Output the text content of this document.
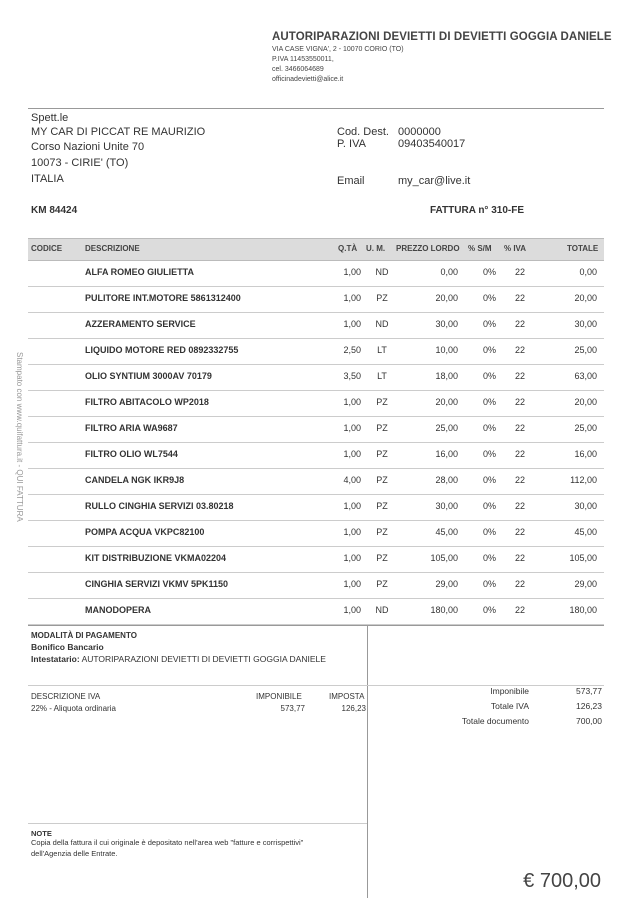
AUTORIPARAZIONI DEVIETTI DI DEVIETTI GOGGIA DANIELE
VIA CASE VIGNA', 2 - 10070 CORIO (TO)
P.IVA 11453550011,
cel. 3466064689
officinadevietti@alice.it
Spett.le
MY CAR DI PICCAT RE MAURIZIO
Corso Nazioni Unite 70
10073 - CIRIE' (TO)
ITALIA
Cod. Dest. 0000000
P. IVA	09403540017
Email	my_car@live.it
KM 84424	FATTURA n° 310-FE
CODICE	DESCRIZIONE	Q.TÀ U. M. PREZZO LORDO % S/M % IVA	TOTALE
ALFA ROMEO GIULIETTA	1,00	ND	0,00	0% 22	0,00
PULITORE INT.MOTORE 5861312400	1,00	PZ	20,00	0% 22	20,00
AZZERAMENTO SERVICE	1,00	ND	30,00	0% 22	30,00
LIQUIDO MOTORE RED 0892332755	2,50	LT	10,00	0% 22	25,00
OLIO SYNTIUM 3000AV 70179	3,50	LT	18,00	0% 22	63,00
FILTRO ABITACOLO WP2018	1,00	PZ	20,00	0% 22	20,00
FILTRO ARIA WA9687	1,00	PZ	25,00	0% 22	25,00
FILTRO OLIO WL7544	1,00	PZ	16,00	0% 22	16,00
CANDELA NGK IKR9J8	4,00	PZ	28,00	0% 22	112,00
RULLO CINGHIA SERVIZI 03.80218	1,00	PZ	30,00	0% 22	30,00
POMPA ACQUA VKPC82100	1,00	PZ	45,00	0% 22	45,00
KIT DISTRIBUZIONE VKMA02204	1,00	PZ	105,00	0% 22	105,00
CINGHIA SERVIZI VKMV 5PK1150	1,00	PZ	29,00	0% 22	29,00
MANODOPERA	1,00	ND	180,00	0% 22	180,00
Stampato con www.quifattura.it - QUI FATTURA
MODALITÀ DI PAGAMENTO
Bonifico Bancario
Intestatario: AUTORIPARAZIONI DEVIETTI DI DEVIETTI GOGGIA DANIELE
DESCRIZIONE IVA	IMPONIBILE	IMPOSTA
22% - Aliquota ordinaria	573,77	126,23
Imponibile	573,77
Totale IVA	126,23
Totale documento	700,00
NOTE
Copia della fattura il cui originale è depositato nell'area web "fatture e corrispettivi"
dell'Agenzia delle Entrate.
€ 700,00
